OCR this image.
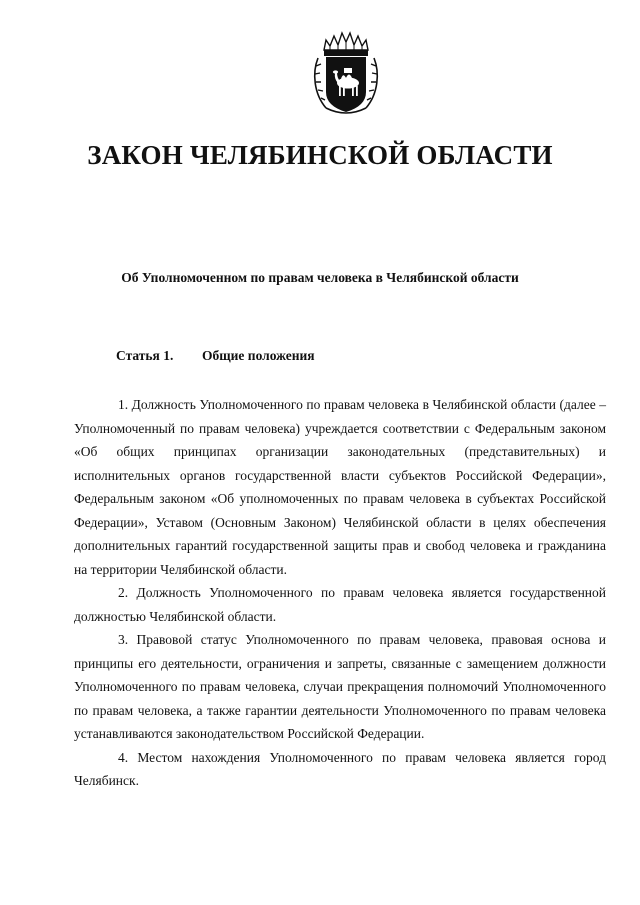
ЗАКОН ЧЕЛЯБИНСКОЙ ОБЛАСТИ
Об Уполномоченном по правам человека в Челябинской области
Статья 1. Общие положения

1. Должность Уполномоченного по правам человека в Челябинской области (далее – Уполномоченный по правам человека) учреждается соответствии с Федеральным законом «Об общих принципах организации законодательных (представительных) и исполнительных органов государственной власти субъектов Российской Федерации», Федеральным законом «Об уполномоченных по правам человека в субъектах Российской Федерации», Уставом (Основным Законом) Челябинской области в целях обеспечения дополнительных гарантий государственной защиты прав и свобод человека и гражданина на территории Челябинской области.

2. Должность Уполномоченного по правам человека является государственной должностью Челябинской области.

3. Правовой статус Уполномоченного по правам человека, правовая основа и принципы его деятельности, ограничения и запреты, связанные с замещением должности Уполномоченного по правам человека, случаи прекращения полномочий Уполномоченного по правам человека, а также гарантии деятельности Уполномоченного по правам человека устанавливаются законодательством Российской Федерации.

4. Местом нахождения Уполномоченного по правам человека является город Челябинск.
